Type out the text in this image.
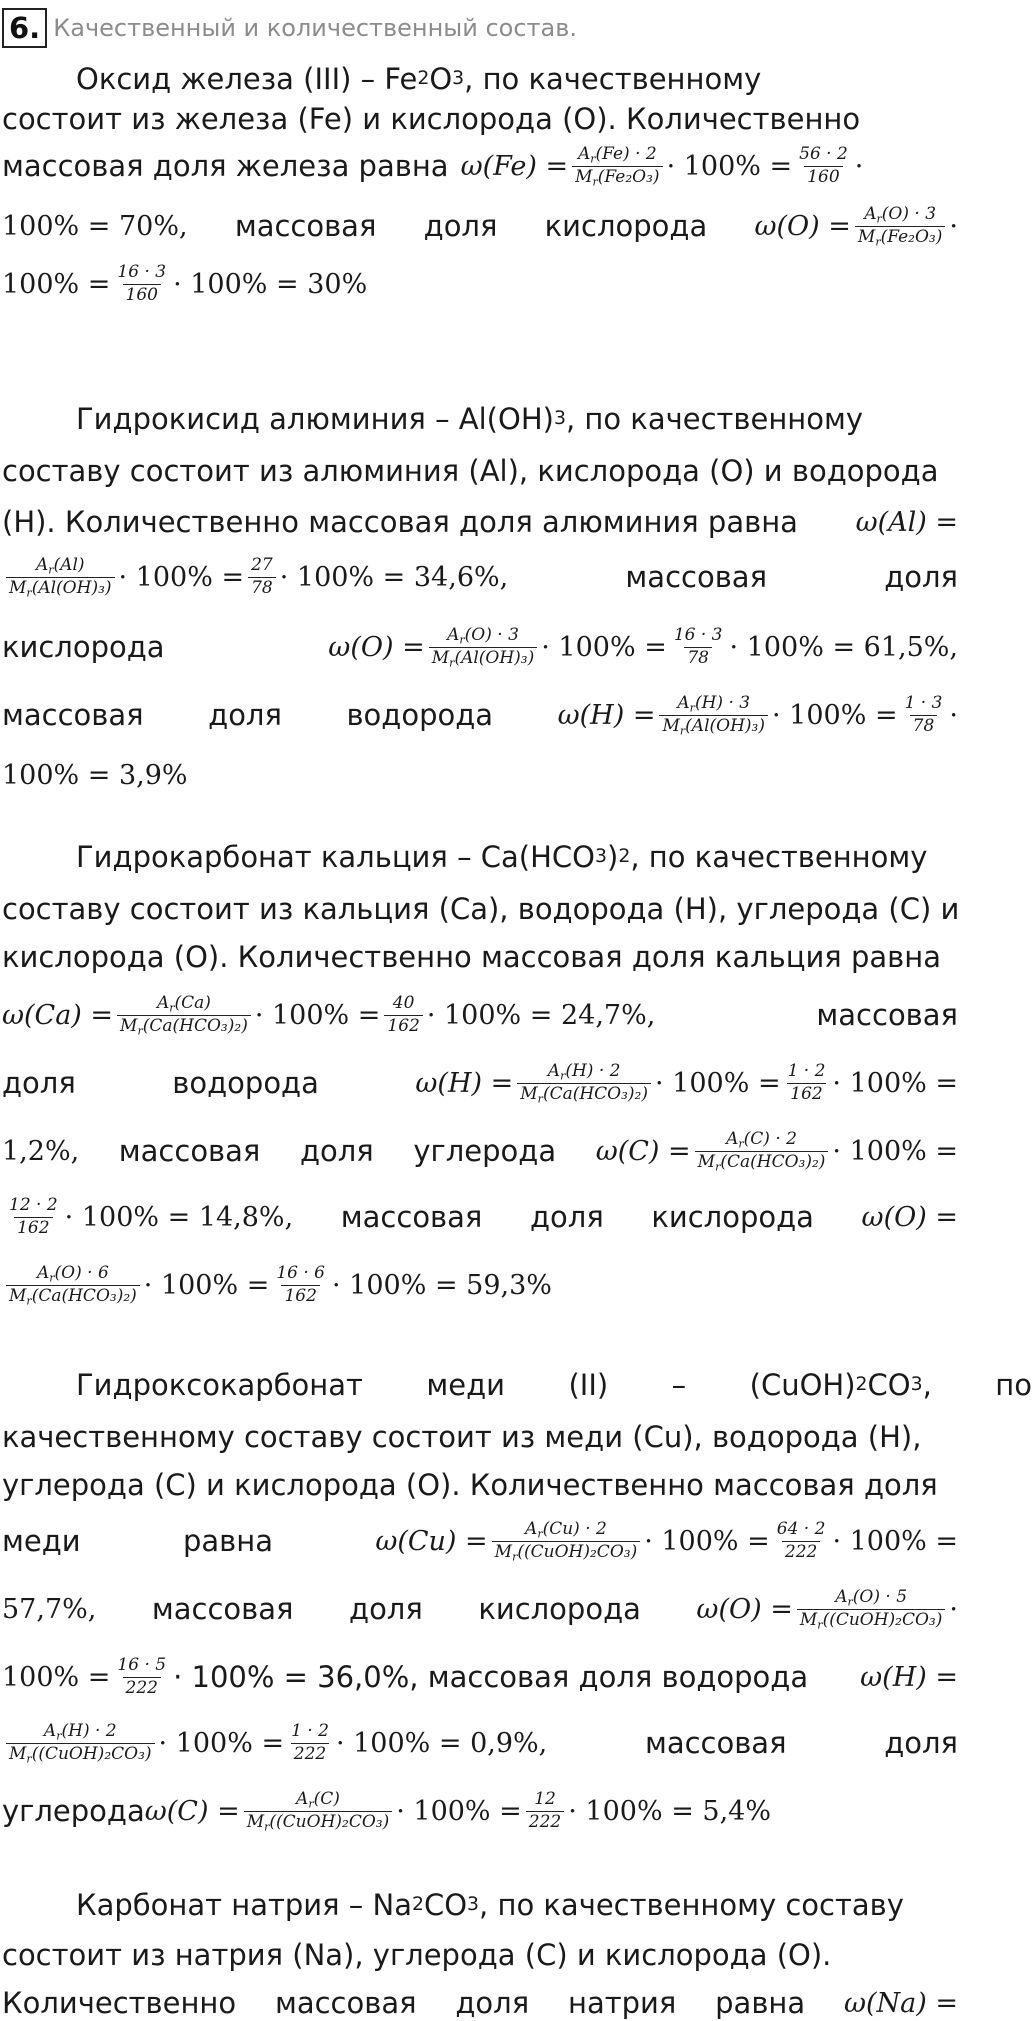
6. Качественный и количественный состав.
Оксид железа (III) – Fe 2 O 3 , по качественному
состоит из железа (Fe) и кислорода (O). Количественно
массовая доля железа равна $\omega(Fe) = \frac{Ar(Fe) \cdot 2}{\text{Mr(Fe₂O₃)}} \cdot 100\% = \frac{56 \cdot 2}{160}$ ·
100% = 70%, массовая доля кислорода $\omega(O) = \frac{Ar(O) \cdot 3}{\text{Mr(Fe₂O₃)}}$ ·
$100\% = \frac{16 \cdot 3}{160} \cdot 100\% = 30\%$
Гидрокисид алюминия – Al(OH) 3 , по качественному
составу состоит из алюминия (Al), кислорода (O) и водорода
(H). Количественно массовая доля алюминия равна ω(Al) =
$\frac{Ar(Al)}{\text{Mr(Al(OH)₃)}} \cdot 100\% = \frac{27}{78} \cdot 100\% = 34,6\%$,	массовая	доля
кислорода	$\omega(O) = \frac{Ar(O) \cdot 3}{\text{Mr(Al(OH)₃)}} \cdot 100\% = \frac{16 \cdot 3}{78} \cdot 100\% = 61,5\%$,
массовая доля водорода $\omega(H) = \frac{Ar(H) \cdot 3}{\text{Mr(Al(OH)₃)}} \cdot 100\% = \frac{1 \cdot 3}{78}$ ·
100% = 3,9%
Гидрокарбонат кальция – Ca(HCO 3 ) 2 , по качественному
составу состоит из кальция (Ca), водорода (H), углерода (C) и
кислорода (O). Количественно массовая доля кальция равна
ω(Ca) =	Ar(Ca)
$Mr(Ca(HCO_3)_2) \cdot 100\% = \frac{40}{162} \cdot 100\% = 24,7\%$,	массовая
доля	водорода	ω(H) = Ar(H) · 2
$Mr(Ca(HCO_3)_2) \cdot 100\% = \frac{1 \cdot 2}{162} \cdot 100\%$ =
1,2%, массовая доля углерода ω(C) = Ar(C) · 2
Mr(Ca(HCO₃)₂) · 100% =
$\frac{12 \cdot 2}{162} \cdot 100\% = 14,8\%$, массовая доля кислорода ω(O) =
Ar(O) · 6
$Mr(Ca(HCO_3)_2) \cdot 100\% = \frac{16 \cdot 6}{162} \cdot 100\% = 59,3\%$
Гидроксокарбонат меди (II) – (CuOH) 2 CO 3 , по
качественному составу состоит из меди (Cu), водорода (H),
углерода (C) и кислорода (O). Количественно массовая доля
меди	равна	ω(Cu) = Ar(Cu) · 2
Mr((CuOH)₂CO₃) · $100\% = \frac{64 \cdot 2}{222} \cdot 100\%$ =
57,7%, массовая доля кислорода ω(O) = Ar(O) · 5
Mr((CuOH)₂CO₃) ·
$100\% = \frac{16 \cdot 5}{222} \cdot 100\% = 36,0\%$, массовая доля водорода ω(H) =
Ar(H) · 2
Mr((CuOH)₂CO₃) · $100\% = \frac{1 \cdot 2}{222} \cdot 100\% = 0,9\%$,	массовая	доля
углерода ω(C) =	Ar(C)
Mr((CuOH)₂CO₃) · $100\% = \frac{12}{222} \cdot 100\% = 5,4\%$
Карбонат натрия – Na 2 CO 3 , по качественному составу
состоит из натрия (Na), углерода (C) и кислорода (O).
Количественно массовая доля натрия равна ω(Na) =
